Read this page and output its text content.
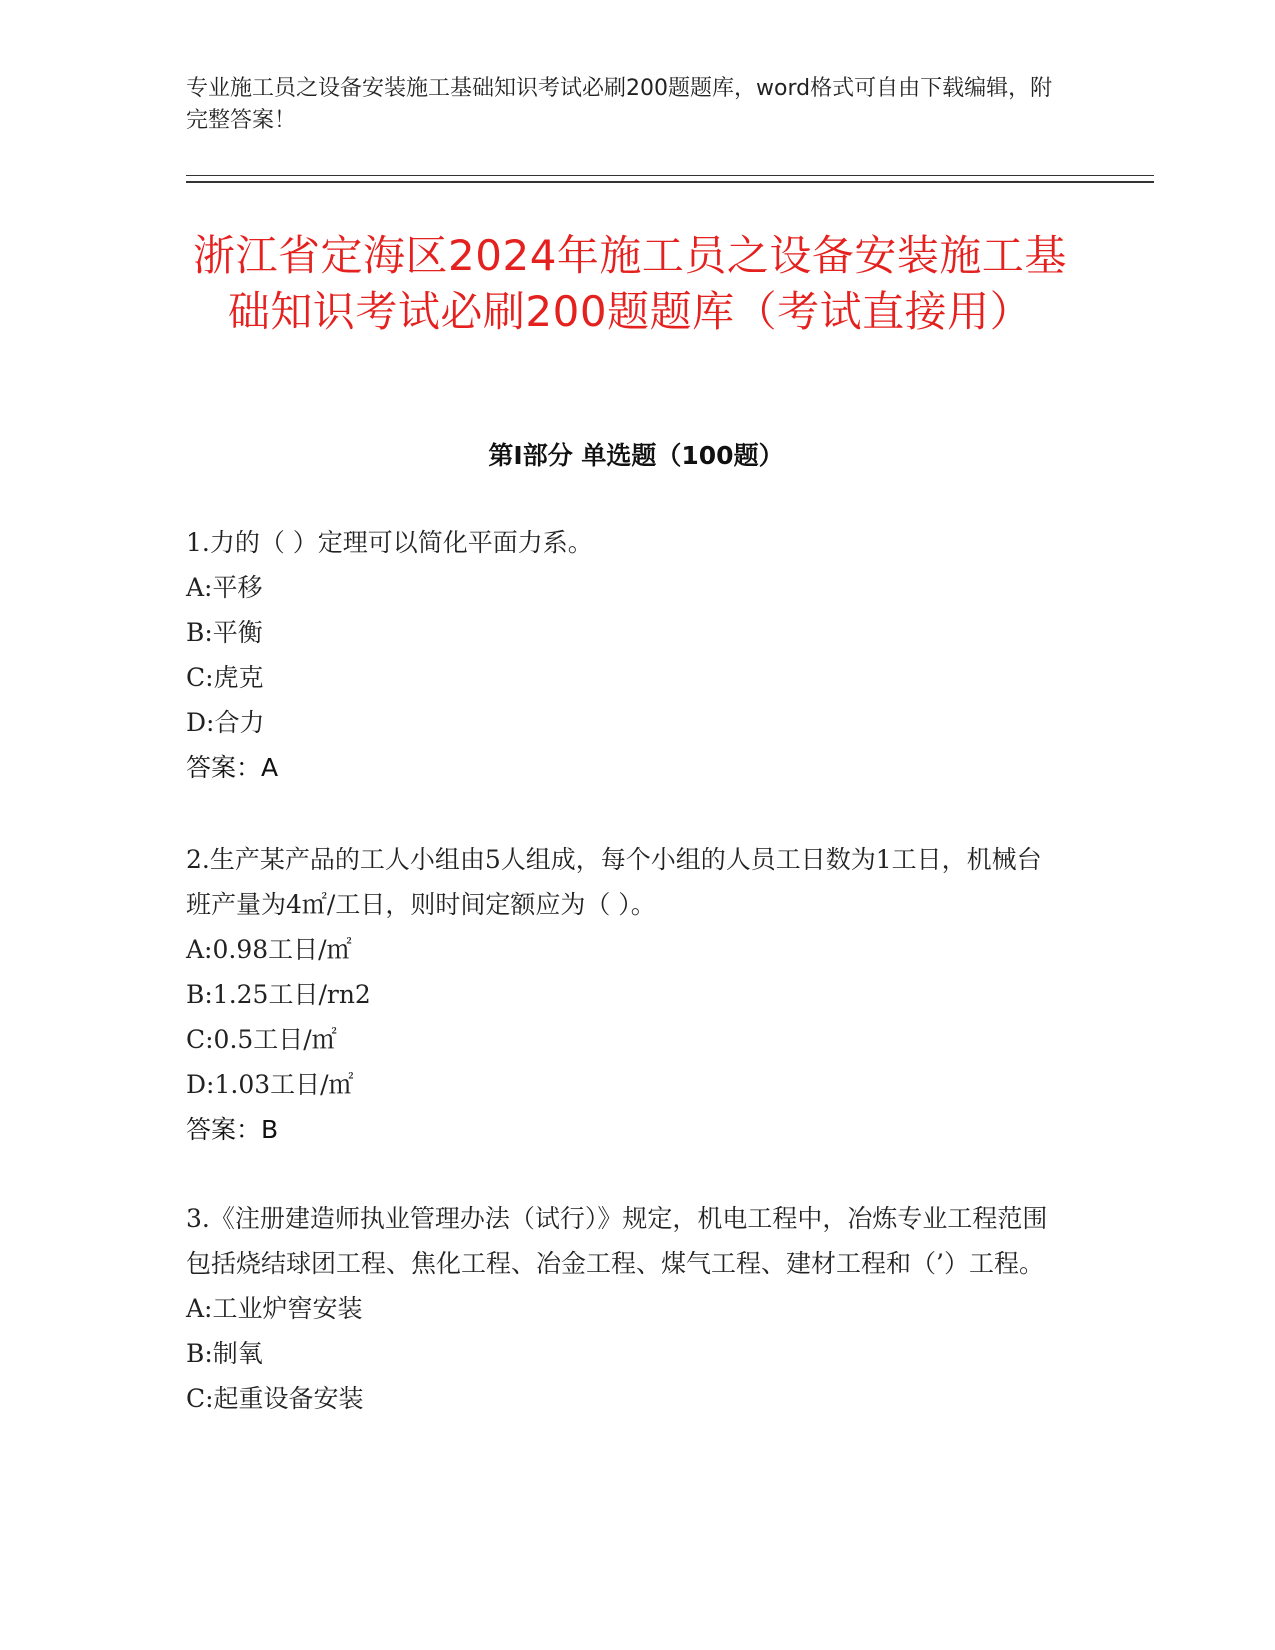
专业施工员之设备安装施工基础知识考试必刷200题题库，word格式可自由下载编辑，附完整答案！
浙江省定海区2024年施工员之设备安装施工基础知识考试必刷200题题库（考试直接用）
第I部分 单选题（100题）

1.力的（ ）定理可以简化平面力系。

A:平移

B:平衡

C:虎克

D:合力

答案：A

2.生产某产品的工人小组由5人组成，每个小组的人员工日数为1工日，机械台班产量为4㎡/工日，则时间定额应为（ ）。

A:0.98工日/㎡

B:1.25工日/rn2

C:0.5工日/㎡

D:1.03工日/㎡

答案：B

3.《注册建造师执业管理办法（试行）》规定，机电工程中，冶炼专业工程范围包括烧结球团工程、焦化工程、冶金工程、煤气工程、建材工程和（’）工程。

A:工业炉窖安装

B:制氧

C:起重设备安装
